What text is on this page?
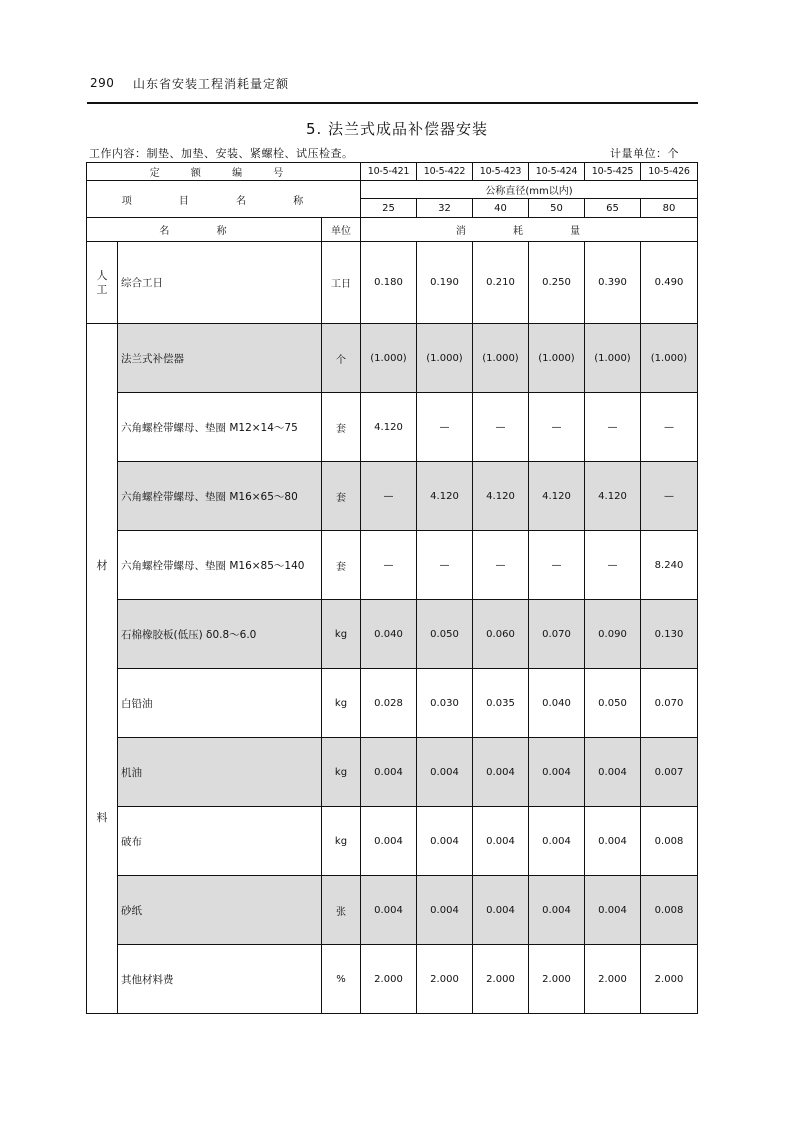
290 山东省安装工程消耗量定额
5. 法兰式成品补偿器安装
工作内容：制垫、加垫、安装、紧螺栓、试压检查。	计量单位：个
定 额 编 号			10-5-421	10-5-422	10-5-423	10-5-424	10-5-425	10-5-426
项 目 名 称			公称直径(mm以内)					
			25	32	40	50	65	80
名 称		单位	消 耗 量					

人工	综合工日	工日	0.180	0.190	0.210	0.250	0.390	0.490

材
料	法兰式补偿器	个	(1.000)	(1.000)	(1.000)	(1.000)	(1.000)	(1.000)
	六角螺栓带螺母、垫圈 M12×14～75	套	4.120	—	—	—	—	—
	六角螺栓带螺母、垫圈 M16×65～80	套	—	4.120	4.120	4.120	4.120	—
	六角螺栓带螺母、垫圈 M16×85～140	套	—	—	—	—	—	8.240
	石棉橡胶板(低压) δ0.8～6.0	kg	0.040	0.050	0.060	0.070	0.090	0.130
	白铅油	kg	0.028	0.030	0.035	0.040	0.050	0.070
	机油	kg	0.004	0.004	0.004	0.004	0.004	0.007
	破布	kg	0.004	0.004	0.004	0.004	0.004	0.008
	砂纸	张	0.004	0.004	0.004	0.004	0.004	0.008
	其他材料费	%	2.000	2.000	2.000	2.000	2.000	2.000
